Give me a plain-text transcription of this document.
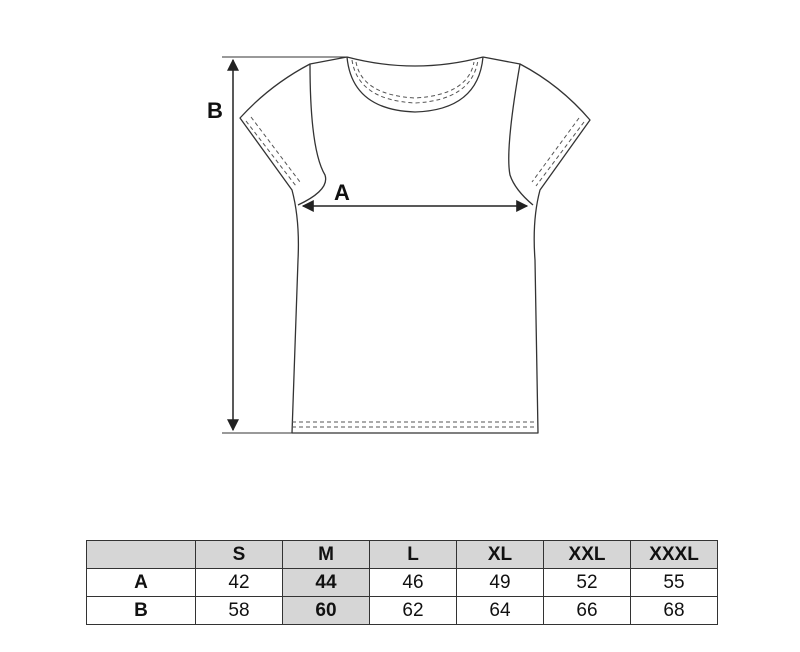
B
A
	S	M	L	XL	XXL	XXXL
A	42	44	46	49	52	55
B	58	60	62	64	66	68
